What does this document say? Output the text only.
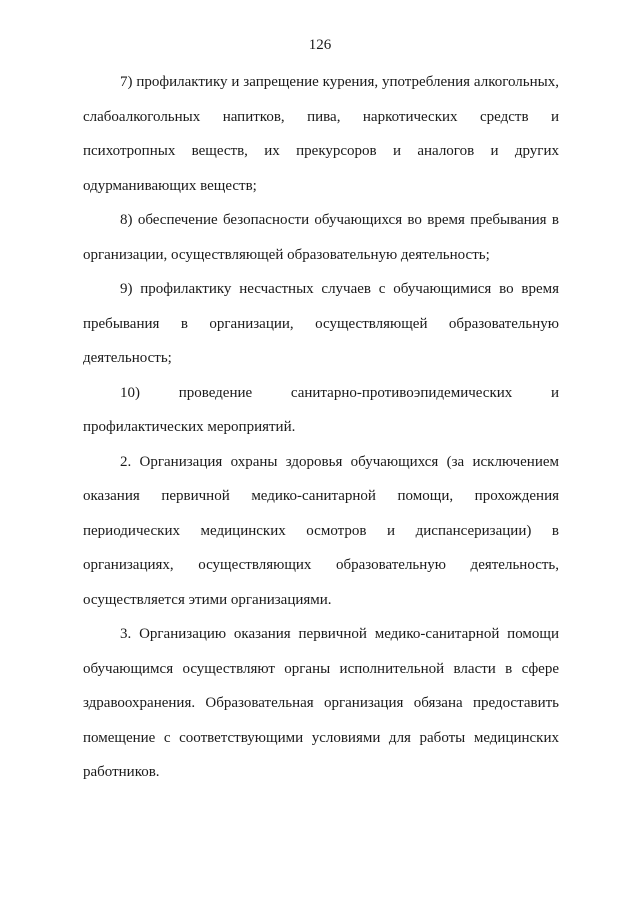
126
7) профилактику и запрещение курения, употребления алкогольных,
слабоалкогольных напитков, пива, наркотических средств и
психотропных веществ, их прекурсоров и аналогов и других
одурманивающих веществ;
8) обеспечение безопасности обучающихся во время пребывания в
организации, осуществляющей образовательную деятельность;
9) профилактику несчастных случаев с обучающимися во время
пребывания в организации, осуществляющей образовательную
деятельность;
10) проведение санитарно-противоэпидемических и
профилактических мероприятий.
2. Организация охраны здоровья обучающихся (за исключением
оказания первичной медико-санитарной помощи, прохождения
периодических медицинских осмотров и диспансеризации) в
организациях, осуществляющих образовательную деятельность,
осуществляется этими организациями.
3. Организацию оказания первичной медико-санитарной помощи
обучающимся осуществляют органы исполнительной власти в сфере
здравоохранения. Образовательная организация обязана предоставить
помещение с соответствующими условиями для работы медицинских
работников.
